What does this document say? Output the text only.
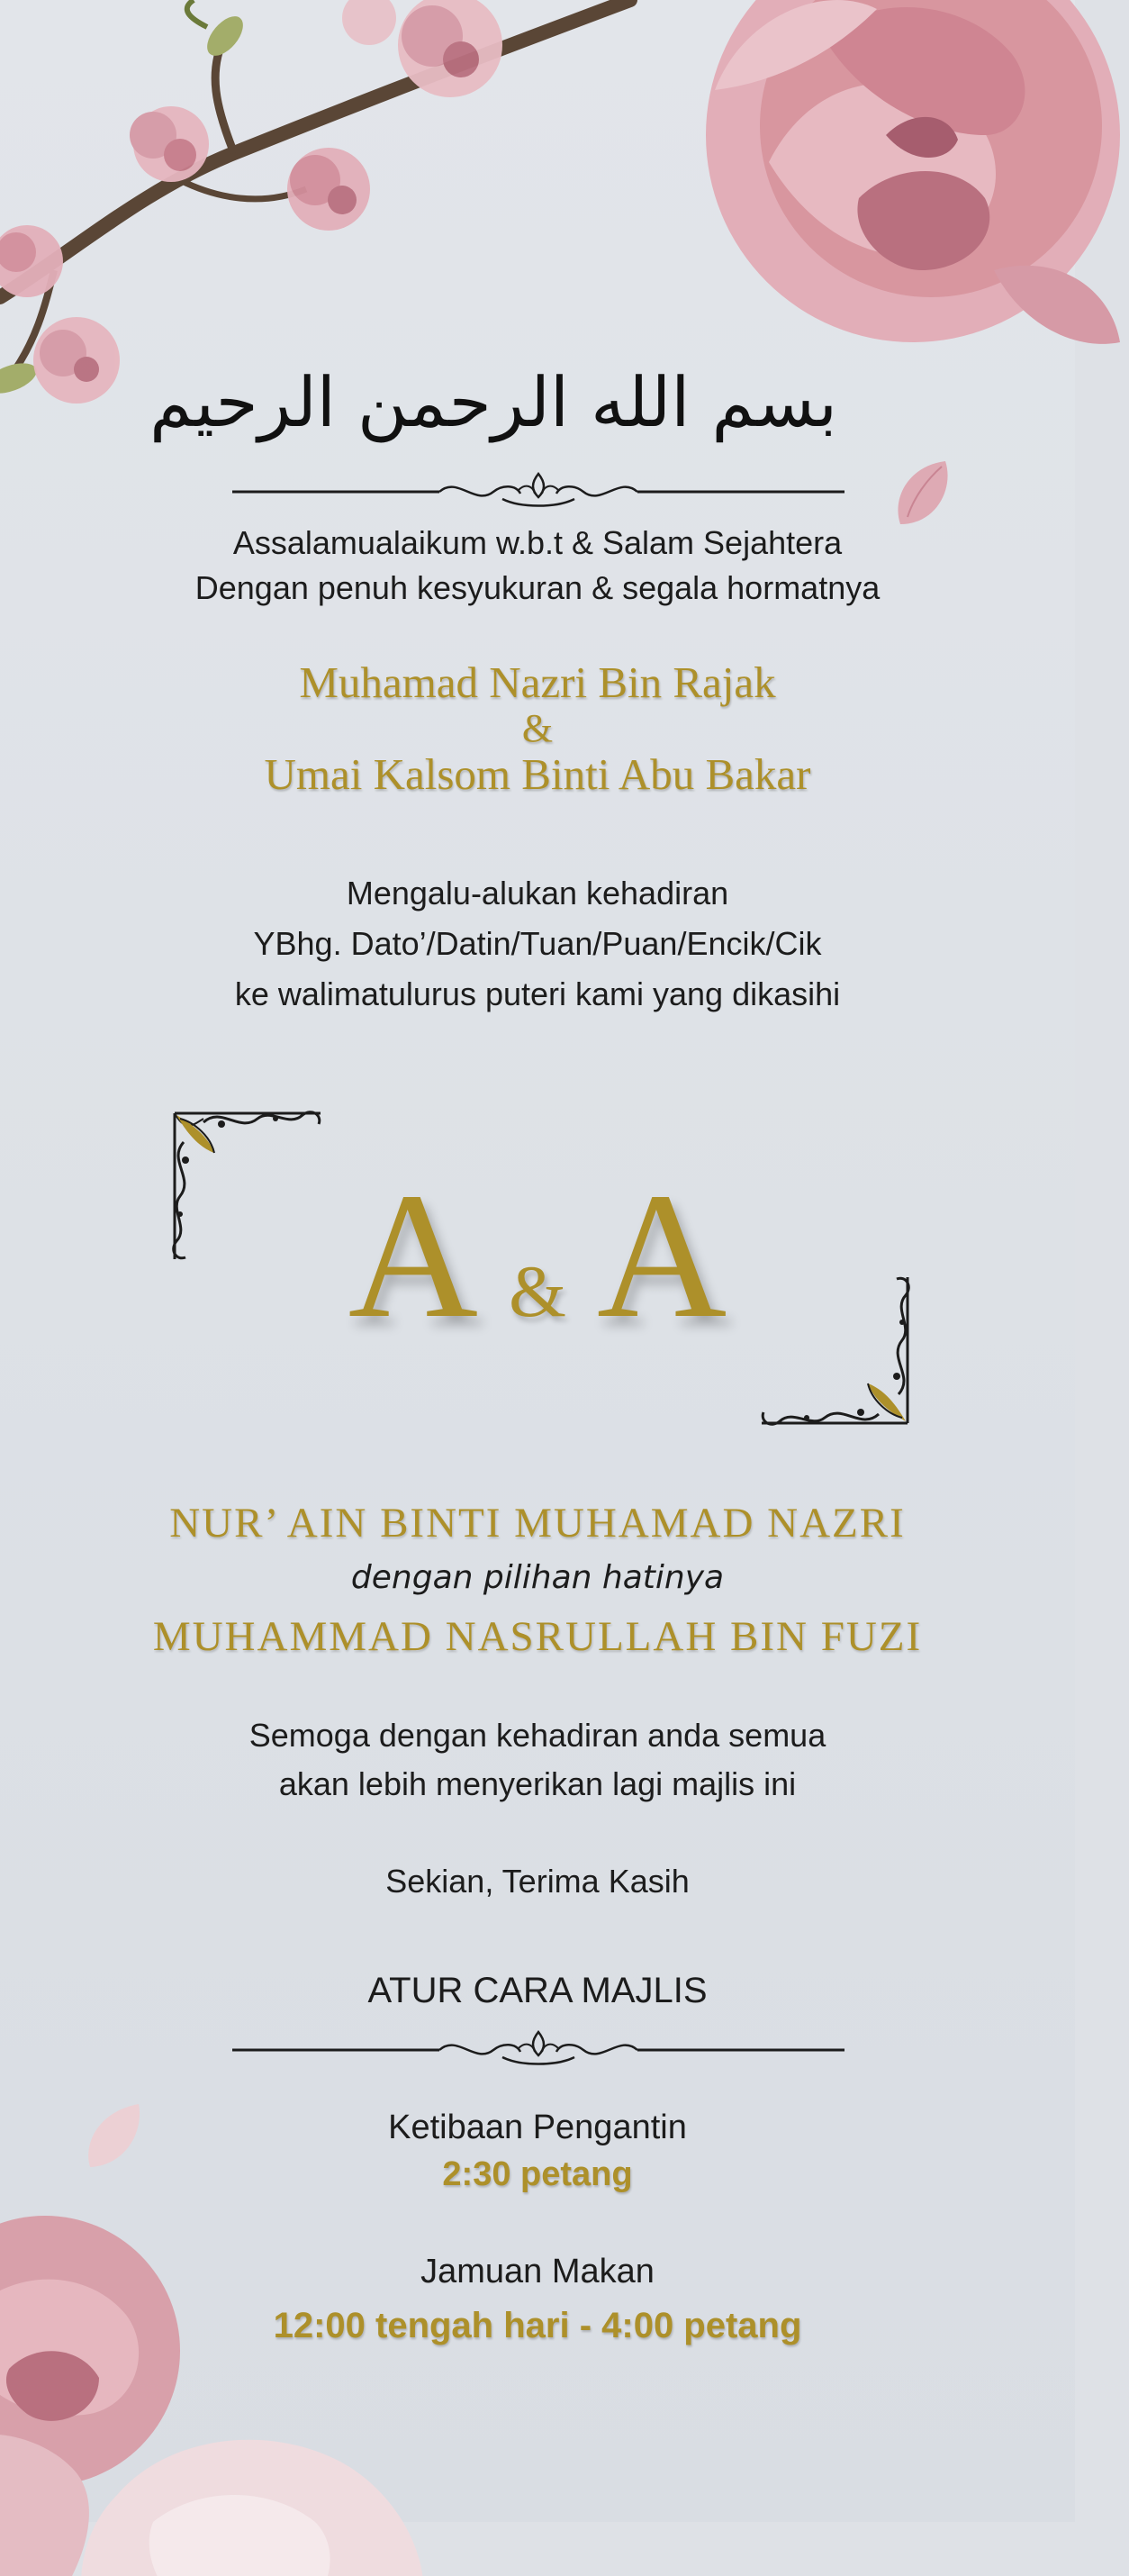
بسم الله الرحمن الرحيم
Assalamualaikum w.b.t & Salam Sejahtera
Dengan penuh kesyukuran & segala hormatnya
Muhamad Nazri Bin Rajak
&
Umai Kalsom Binti Abu Bakar
Mengalu-alukan kehadiran
YBhg. Dato’/Datin/Tuan/Puan/Encik/Cik
ke walimatulurus puteri kami yang dikasihi
A & A
NUR’ AIN BINTI MUHAMAD NAZRI
dengan pilihan hatinya
MUHAMMAD NASRULLAH BIN FUZI
Semoga dengan kehadiran anda semua
akan lebih menyerikan lagi majlis ini
Sekian, Terima Kasih
ATUR CARA MAJLIS
Ketibaan Pengantin
2:30 petang
Jamuan Makan
12:00 tengah hari - 4:00 petang
